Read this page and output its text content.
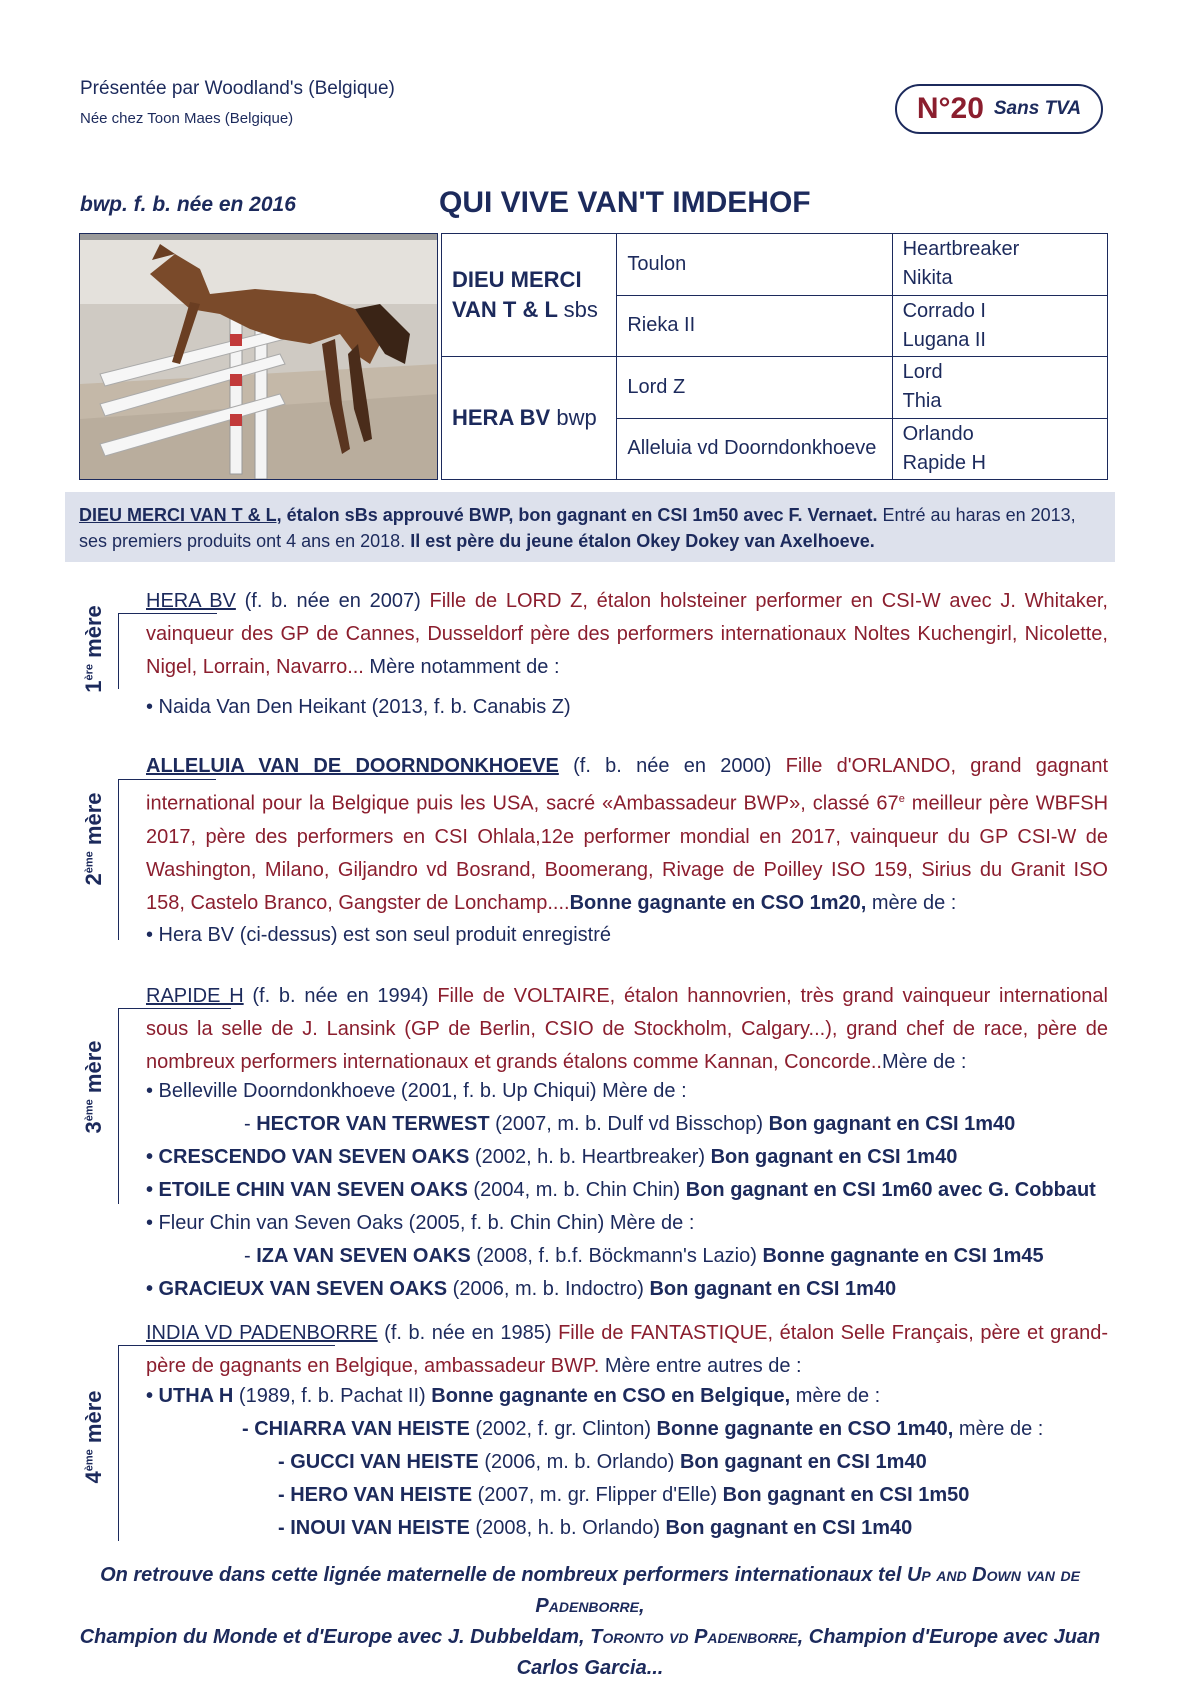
Présentée par Woodland's (Belgique)
Née chez Toon Maes (Belgique)	N°20 Sans TVA
bwp. f. b. née en 2016	QUI VIVE VAN'T IMDEHOF
DIEU MERCI VAN T & L sbs	Toulon	Heartbreaker
Nikita

	Rieka II	Corrado I
Lugana II

HERA BV bwp	Lord Z	Lord
Thia

	Alleluia vd Doorndonkhoeve	Orlando
Rapide H
DIEU MERCI VAN T & L, étalon sBs approuvé BWP, bon gagnant en CSI 1m50 avec F. Vernaet. Entré au haras en 2013,
ses premiers produits ont 4 ans en 2018. Il est père du jeune étalon Okey Dokey van Axelhoeve.
1ère mère
HERA BV (f. b. née en 2007) Fille de LORD Z, étalon holsteiner performer en CSI-W avec J. Whitaker, vainqueur des GP de Cannes, Dusseldorf père des performers internationaux Noltes Kuchengirl, Nicolette, Nigel, Lorrain, Navarro... Mère notamment de :
• Naida Van Den Heikant (2013, f. b. Canabis Z)
2ème mère
ALLELUIA VAN DE DOORNDONKHOEVE (f. b. née en 2000) Fille d'ORLANDO, grand gagnant international pour la Belgique puis les USA, sacré «Ambassadeur BWP», classé 67e meilleur père WBFSH 2017, père des performers en CSI Ohlala,12e performer mondial en 2017, vainqueur du GP CSI-W de Washington, Milano, Giljandro vd Bosrand, Boomerang, Rivage de Poilley ISO 159, Sirius du Granit ISO 158, Castelo Branco, Gangster de Lonchamp....Bonne gagnante en CSO 1m20, mère de :
• Hera BV (ci-dessus) est son seul produit enregistré
3ème mère
RAPIDE H (f. b. née en 1994) Fille de VOLTAIRE, étalon hannovrien, très grand vainqueur international sous la selle de J. Lansink (GP de Berlin, CSIO de Stockholm, Calgary...), grand chef de race, père de nombreux performers internationaux et grands étalons comme Kannan, Concorde..Mère de :
• Belleville Doorndonkhoeve (2001, f. b. Up Chiqui) Mère de :
- HECTOR VAN TERWEST (2007, m. b. Dulf vd Bisschop) Bon gagnant en CSI 1m40
• CRESCENDO VAN SEVEN OAKS (2002, h. b. Heartbreaker) Bon gagnant en CSI 1m40
• ETOILE CHIN VAN SEVEN OAKS (2004, m. b. Chin Chin) Bon gagnant en CSI 1m60 avec G. Cobbaut
• Fleur Chin van Seven Oaks (2005, f. b. Chin Chin) Mère de :
- IZA VAN SEVEN OAKS (2008, f. b.f. Böckmann's Lazio) Bonne gagnante en CSI 1m45
• GRACIEUX VAN SEVEN OAKS (2006, m. b. Indoctro) Bon gagnant en CSI 1m40
4ème mère
INDIA VD PADENBORRE (f. b. née en 1985) Fille de FANTASTIQUE, étalon Selle Français, père et grand-père de gagnants en Belgique, ambassadeur BWP. Mère entre autres de :
• UTHA H (1989, f. b. Pachat II) Bonne gagnante en CSO en Belgique, mère de :
- CHIARRA VAN HEISTE (2002, f. gr. Clinton) Bonne gagnante en CSO 1m40, mère de :
- GUCCI VAN HEISTE (2006, m. b. Orlando) Bon gagnant en CSI 1m40
- HERO VAN HEISTE (2007, m. gr. Flipper d'Elle) Bon gagnant en CSI 1m50
- INOUI VAN HEISTE (2008, h. b. Orlando) Bon gagnant en CSI 1m40
On retrouve dans cette lignée maternelle de nombreux performers internationaux tel Up and Down van de Padenborre,
Champion du Monde et d'Europe avec J. Dubbeldam, Toronto vd Padenborre, Champion d'Europe avec Juan Carlos Garcia...
